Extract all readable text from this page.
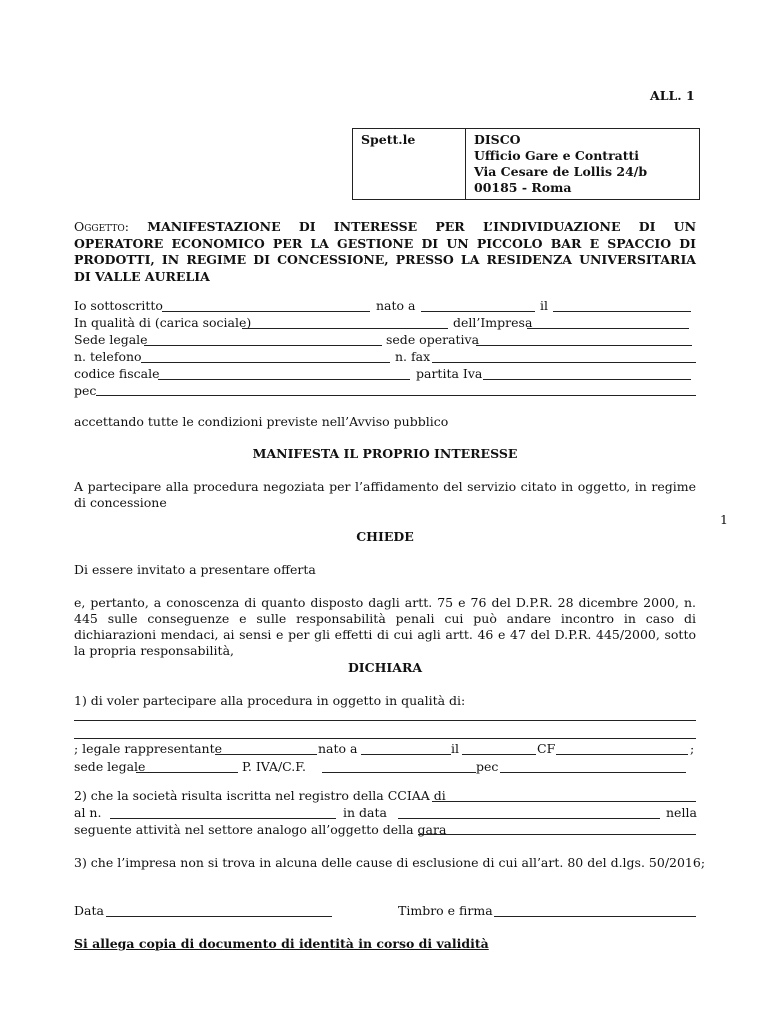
ALL. 1
Spett.le	DISCO
Ufficio Gare e Contratti
Via Cesare de Lollis 24/b
00185 - Roma
Oggetto: MANIFESTAZIONE DI INTERESSE PER L’INDIVIDUAZIONE DI UN
OPERATORE ECONOMICO PER LA GESTIONE DI UN PICCOLO BAR E SPACCIO DI
PRODOTTI, IN REGIME DI CONCESSIONE, PRESSO LA RESIDENZA UNIVERSITARIA
DI VALLE AURELIA
Io sottoscritto	nato a	il
In qualità di (carica sociale)	dell’Impresa
Sede legale	sede operativa
n. telefono	n. fax
codice fiscale	partita Iva
pec
accettando tutte le condizioni previste nell’Avviso pubblico
MANIFESTA IL PROPRIO INTERESSE
A partecipare alla procedura negoziata per l’affidamento del servizio citato in oggetto, in regime di concessione
1
CHIEDE
Di essere invitato a presentare offerta
e, pertanto, a conoscenza di quanto disposto dagli artt. 75 e 76 del D.P.R. 28 dicembre 2000, n. 445 sulle conseguenze e sulle responsabilità penali cui può andare incontro in caso di dichiarazioni mendaci, ai sensi e per gli effetti di cui agli artt. 46 e 47 del D.P.R. 445/2000, sotto la propria responsabilità,
DICHIARA
1) di voler partecipare alla procedura in oggetto in qualità di:
; legale rappresentante	nato a	il	CF	;
sede legale	P. IVA/C.F.	pec
2) che la società risulta iscritta nel registro della CCIAA di
al n.	in data	nella
seguente attività nel settore analogo all’oggetto della gara
3) che l’impresa non si trova in alcuna delle cause di esclusione di cui all’art. 80 del d.lgs. 50/2016;
Data	Timbro e firma
Si allega copia di documento di identità in corso di validità
